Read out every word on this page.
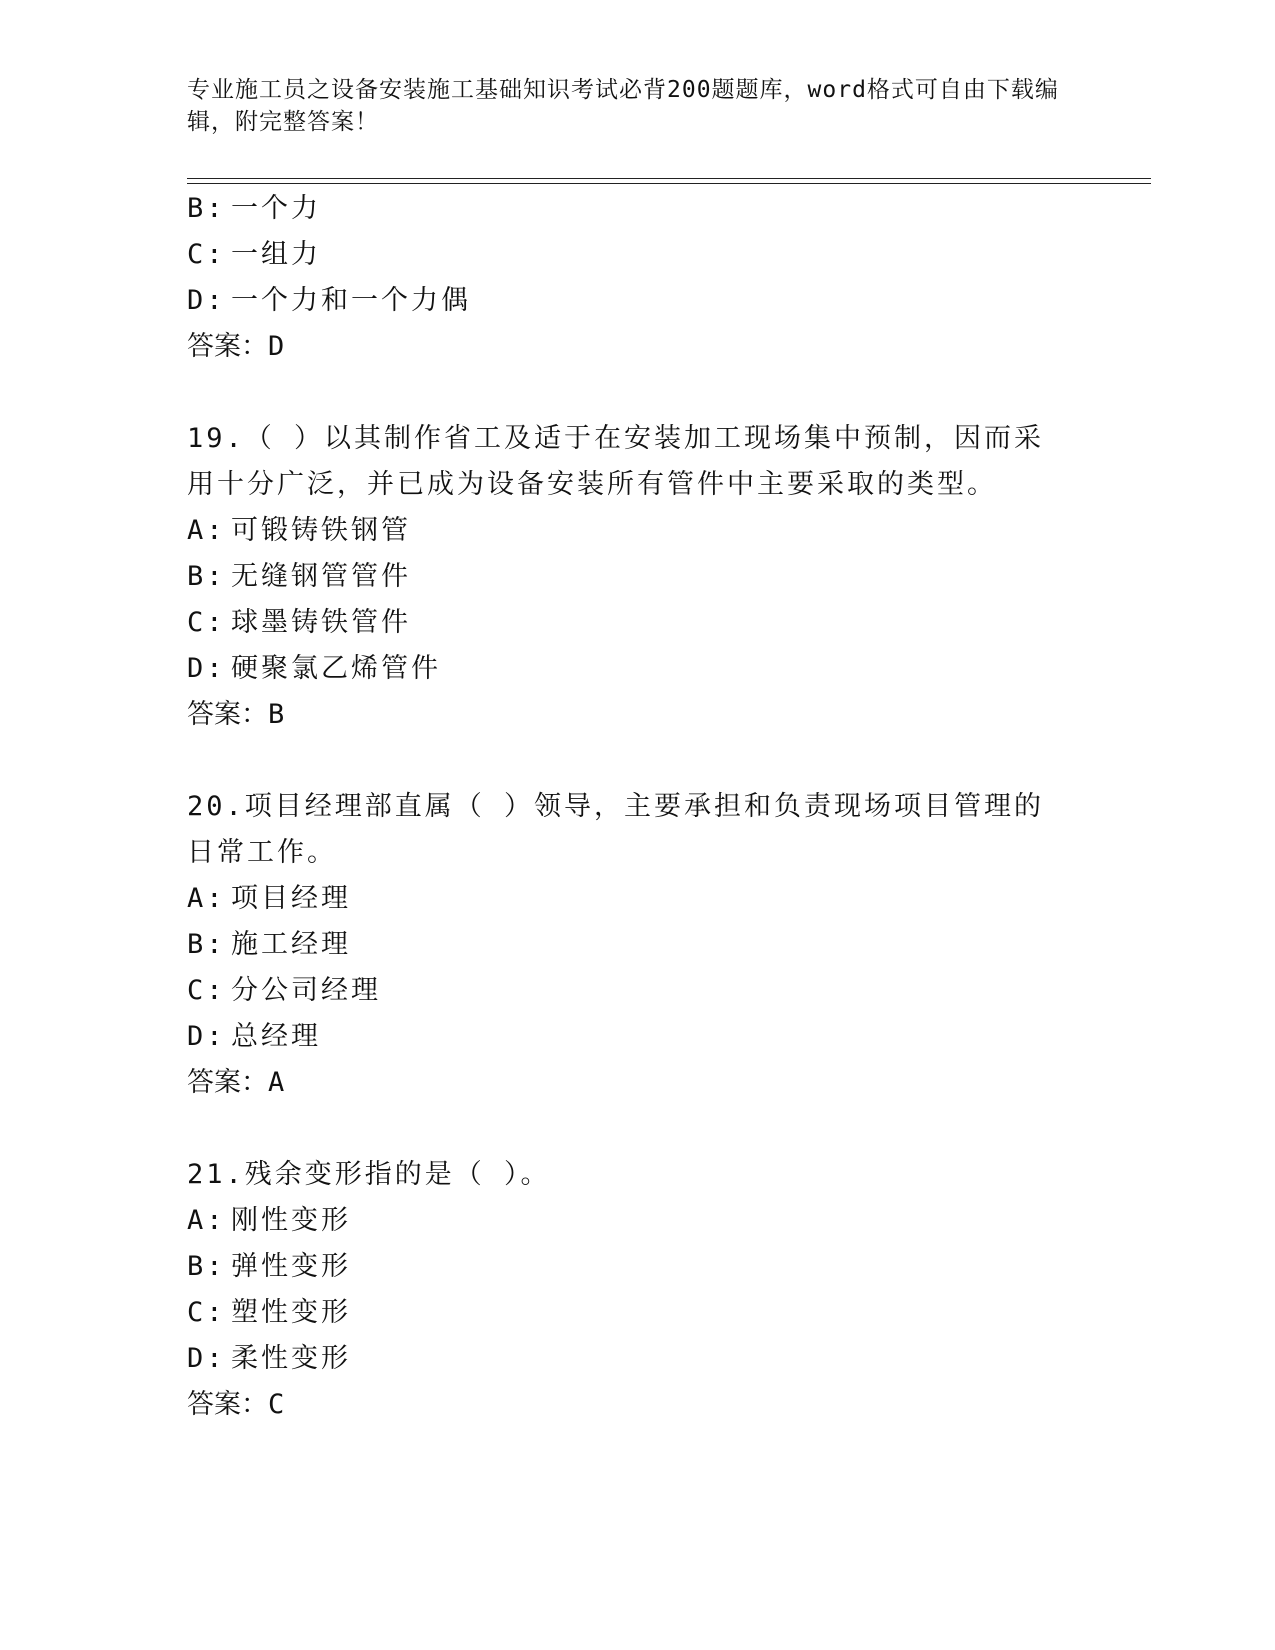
专业施工员之设备安装施工基础知识考试必背200题题库，word格式可自由下载编辑，附完整答案！
B: 一个力
C: 一组力
D: 一个力和一个力偶
答案：D
19.（ ）以其制作省工及适于在安装加工现场集中预制，因而采用十分广泛，并已成为设备安装所有管件中主要采取的类型。
A: 可锻铸铁钢管
B: 无缝钢管管件
C: 球墨铸铁管件
D: 硬聚氯乙烯管件
答案：B
20.项目经理部直属（ ）领导，主要承担和负责现场项目管理的日常工作。
A: 项目经理
B: 施工经理
C: 分公司经理
D: 总经理
答案：A
21.残余变形指的是（ ）。
A: 刚性变形
B: 弹性变形
C: 塑性变形
D: 柔性变形
答案：C
